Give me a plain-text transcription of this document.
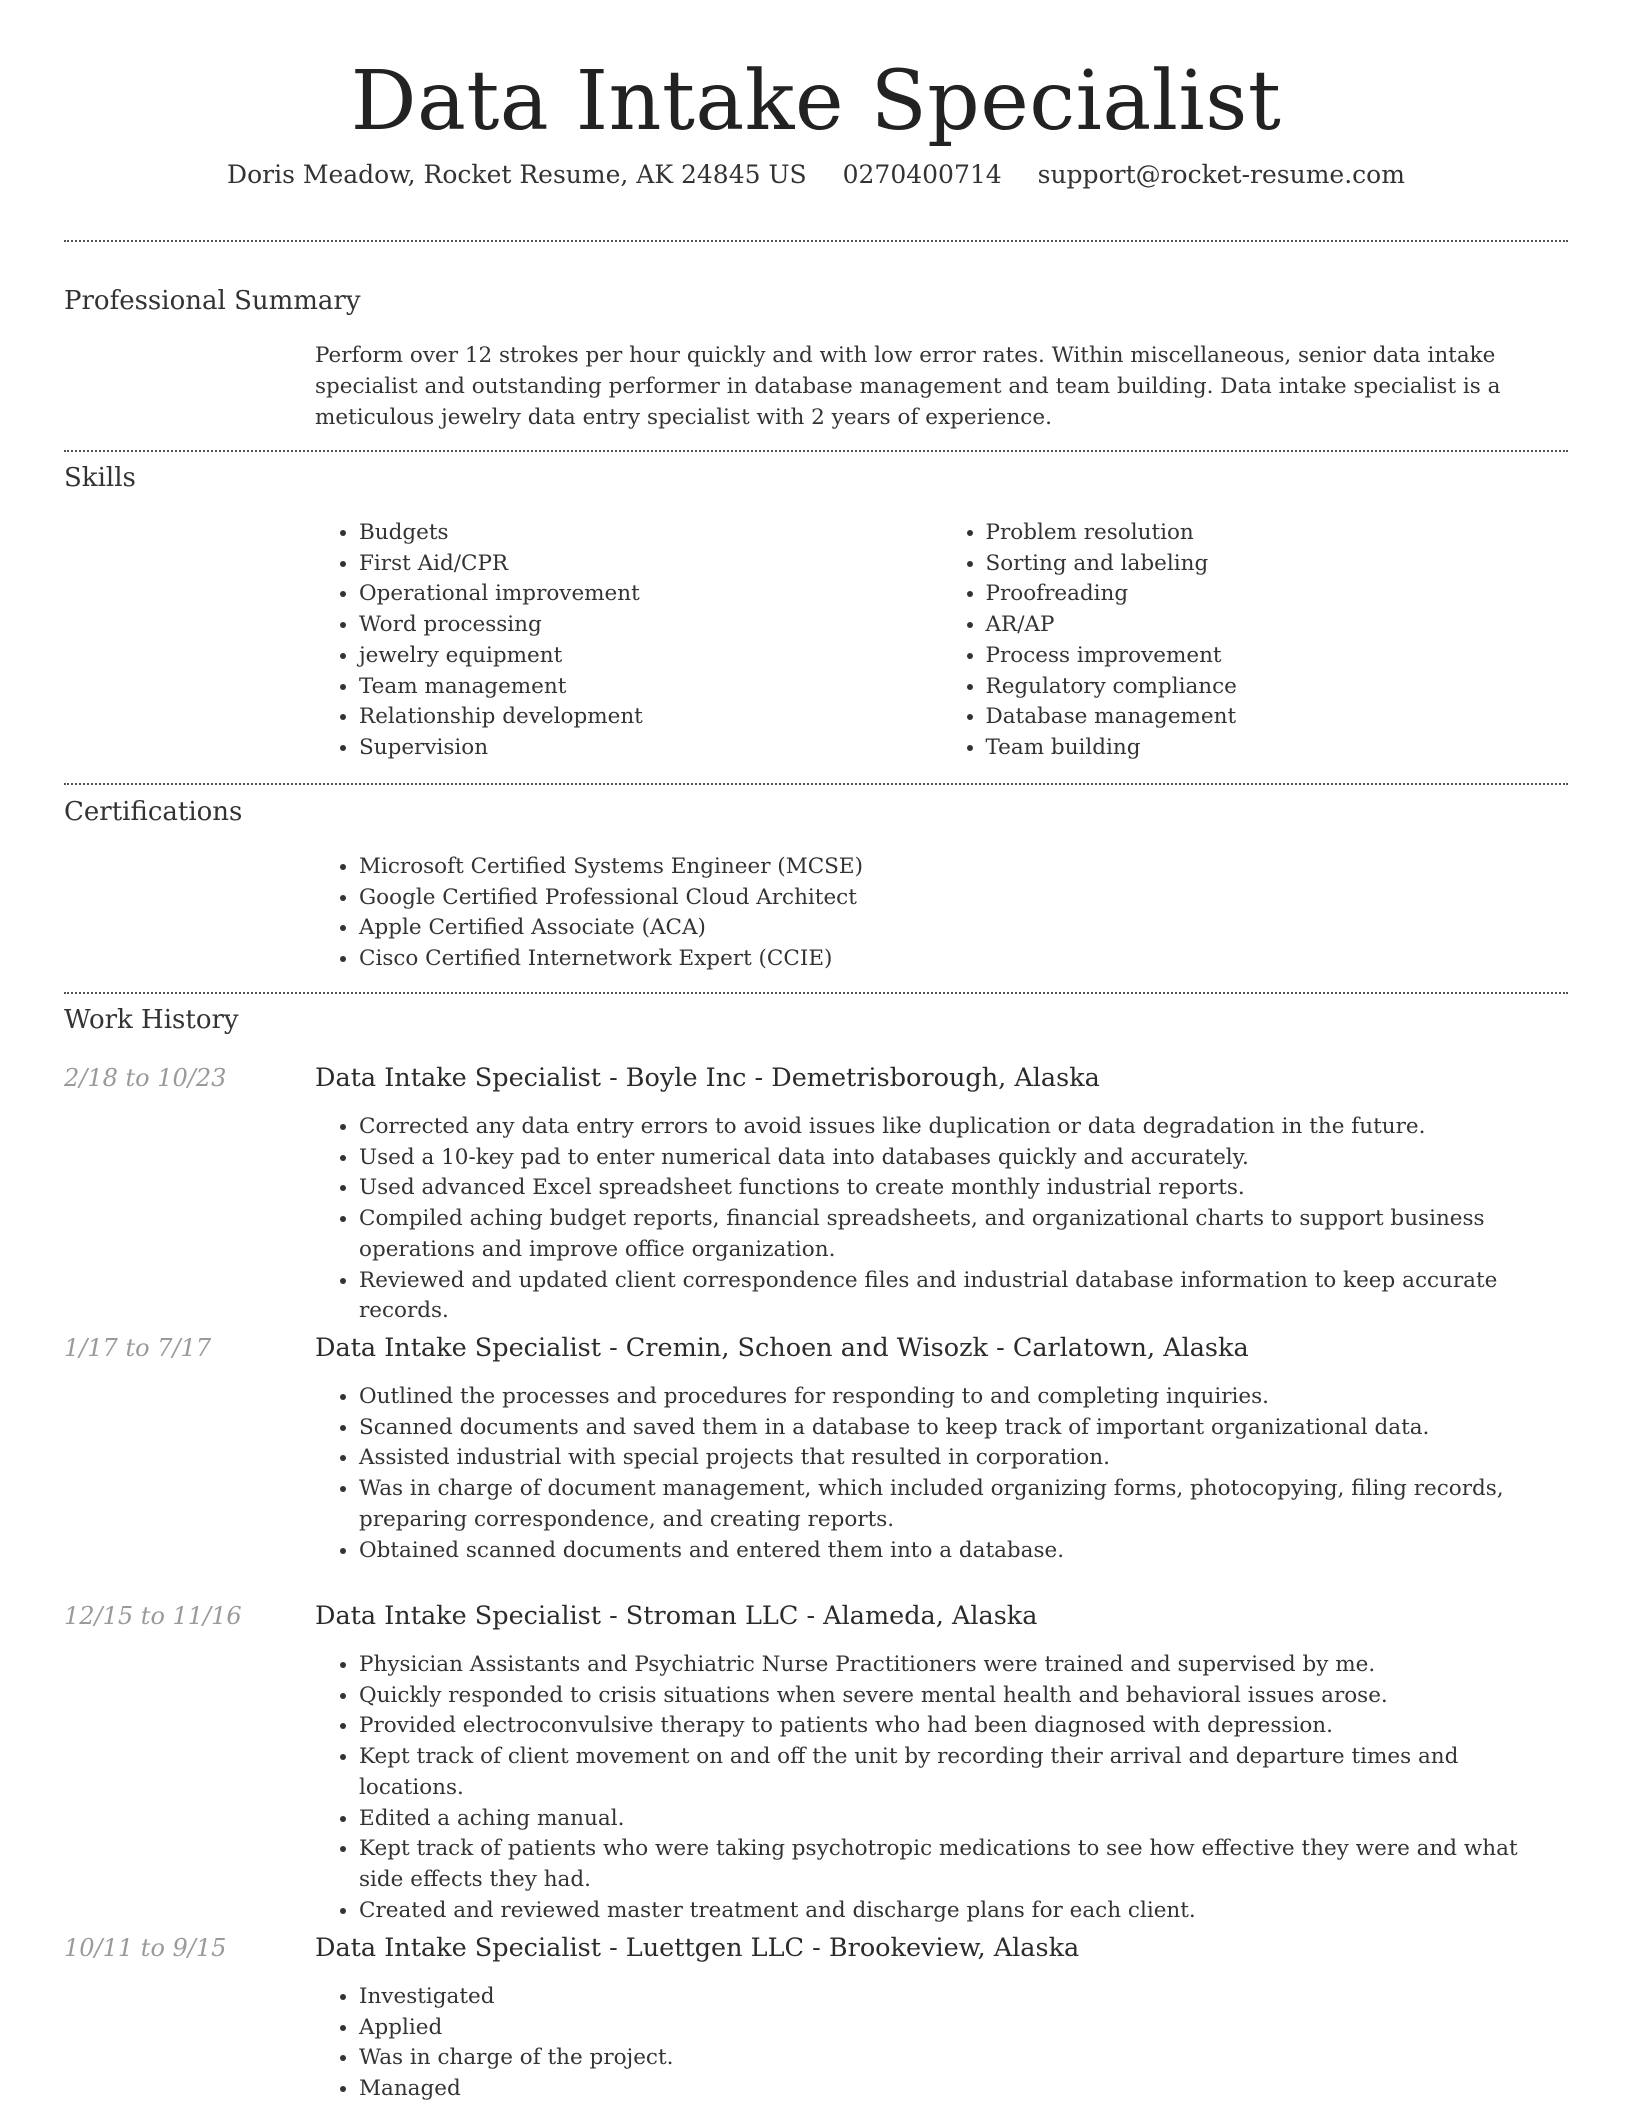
Data Intake Specialist
Doris Meadow, Rocket Resume, AK 24845 US 0270400714 support@rocket-resume.com
Professional Summary
Perform over 12 strokes per hour quickly and with low error rates. Within miscellaneous, senior data intake specialist and outstanding performer in database management and team building. Data intake specialist is a meticulous jewelry data entry specialist with 2 years of experience.
Skills
• Budgets
• First Aid/CPR
• Operational improvement
• Word processing
• jewelry equipment
• Team management
• Relationship development
• Supervision
• Problem resolution
• Sorting and labeling
• Proofreading
• AR/AP
• Process improvement
• Regulatory compliance
• Database management
• Team building
Certifications
• Microsoft Certified Systems Engineer (MCSE)
• Google Certified Professional Cloud Architect
• Apple Certified Associate (ACA)
• Cisco Certified Internetwork Expert (CCIE)
Work History
2/18 to 10/23	Data Intake Specialist - Boyle Inc - Demetrisborough, Alaska
• Corrected any data entry errors to avoid issues like duplication or data degradation in the future.
• Used a 10-key pad to enter numerical data into databases quickly and accurately.
• Used advanced Excel spreadsheet functions to create monthly industrial reports.
• Compiled aching budget reports, financial spreadsheets, and organizational charts to support business operations and improve office organization.
• Reviewed and updated client correspondence files and industrial database information to keep accurate records.
1/17 to 7/17	Data Intake Specialist - Cremin, Schoen and Wisozk - Carlatown, Alaska
• Outlined the processes and procedures for responding to and completing inquiries.
• Scanned documents and saved them in a database to keep track of important organizational data.
• Assisted industrial with special projects that resulted in corporation.
• Was in charge of document management, which included organizing forms, photocopying, filing records, preparing correspondence, and creating reports.
• Obtained scanned documents and entered them into a database.
12/15 to 11/16	Data Intake Specialist - Stroman LLC - Alameda, Alaska
• Physician Assistants and Psychiatric Nurse Practitioners were trained and supervised by me.
• Quickly responded to crisis situations when severe mental health and behavioral issues arose.
• Provided electroconvulsive therapy to patients who had been diagnosed with depression.
• Kept track of client movement on and off the unit by recording their arrival and departure times and locations.
• Edited a aching manual.
• Kept track of patients who were taking psychotropic medications to see how effective they were and what side effects they had.
• Created and reviewed master treatment and discharge plans for each client.
10/11 to 9/15	Data Intake Specialist - Luettgen LLC - Brookeview, Alaska
• Investigated
• Applied
• Was in charge of the project.
• Managed
